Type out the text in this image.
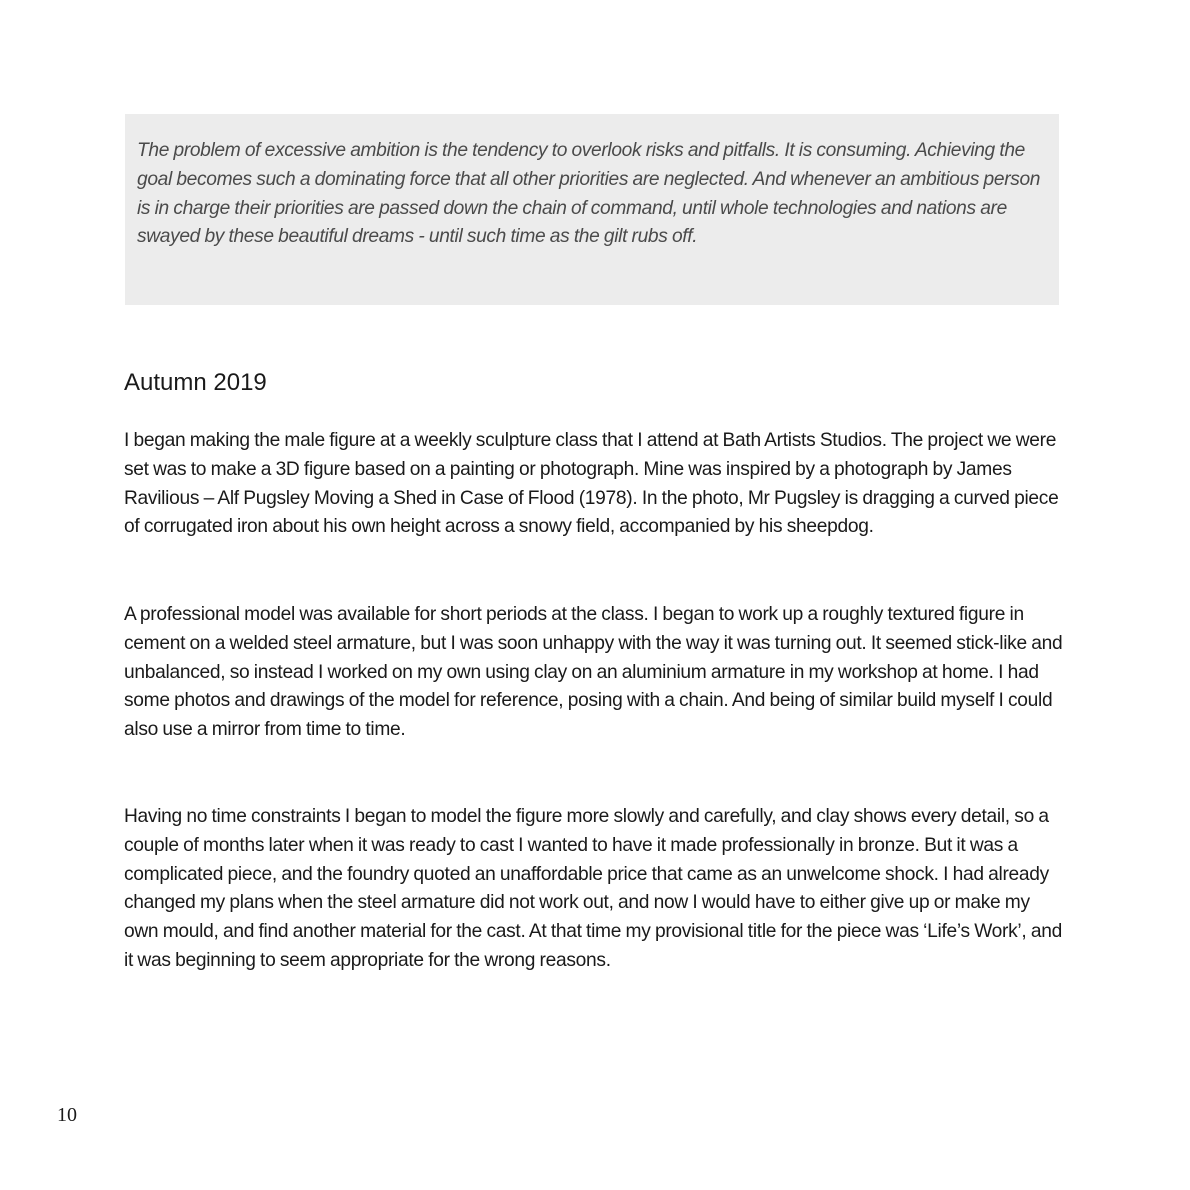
The problem of excessive ambition is the tendency to overlook risks and pitfalls. It is consuming. Achieving the goal becomes such a dominating force that all other priorities are neglected. And whenever an ambitious person is in charge their priorities are passed down the chain of command, until whole technologies and nations are swayed by these beautiful dreams - until such time as the gilt rubs off.

Autumn 2019

I began making the male figure at a weekly sculpture class that I attend at Bath Artists Studios. The project we were set was to make a 3D figure based on a painting or photograph. Mine was inspired by a photograph by James Ravilious – Alf Pugsley Moving a Shed in Case of Flood (1978). In the photo, Mr Pugsley is dragging a curved piece of corrugated iron about his own height across a snowy field, accompanied by his sheepdog.

A professional model was available for short periods at the class. I began to work up a roughly textured figure in cement on a welded steel armature, but I was soon unhappy with the way it was turning out. It seemed stick-like and unbalanced, so instead I worked on my own using clay on an aluminium armature in my workshop at home. I had some photos and drawings of the model for reference, posing with a chain. And being of similar build myself I could also use a mirror from time to time.

Having no time constraints I began to model the figure more slowly and carefully, and clay shows every detail, so a couple of months later when it was ready to cast I wanted to have it made professionally in bronze. But it was a complicated piece, and the foundry quoted an unaffordable price that came as an unwelcome shock. I had already changed my plans when the steel armature did not work out, and now I would have to either give up or make my own mould, and find another material for the cast. At that time my provisional title for the piece was ‘Life’s Work’, and it was beginning to seem appropriate for the wrong reasons.

10
